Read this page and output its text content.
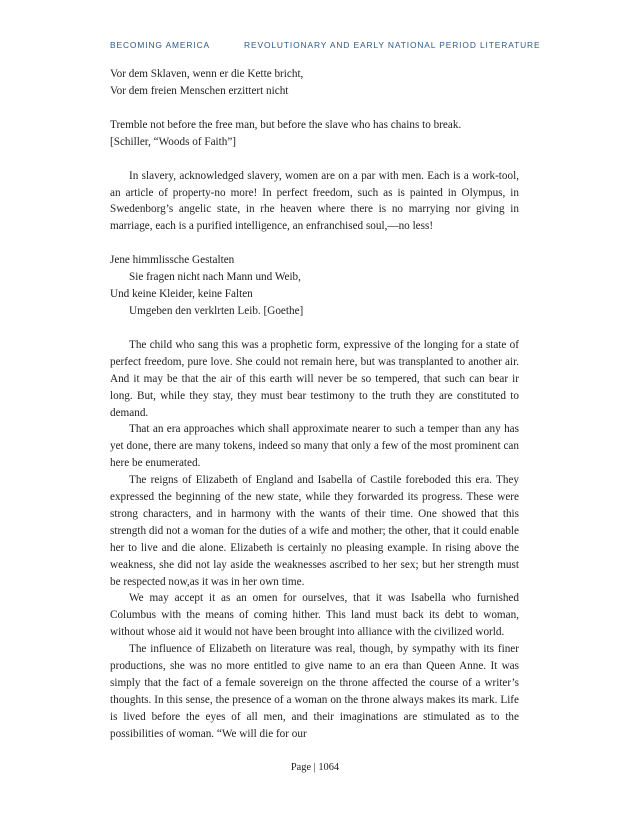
BECOMING AMERICA	REVOLUTIONARY AND EARLY NATIONAL PERIOD LITERATURE

Vor dem Sklaven, wenn er die Kette bricht,

Vor dem freien Menschen erzittert nicht

Tremble not before the free man, but before the slave who has chains to break.

[Schiller, “Woods of Faith”]

In slavery, acknowledged slavery, women are on a par with men. Each is a work-tool, an article of property-no more! In perfect freedom, such as is painted in Olympus, in Swedenborg’s angelic state, in rhe heaven where there is no marrying nor giving in marriage, each is a purified intelligence, an enfranchised soul,—no less!

Jene himmlissche Gestalten

Sie fragen nicht nach Mann und Weib,

Und keine Kleider, keine Falten

Umgeben den verklrten Leib. [Goethe]

The child who sang this was a prophetic form, expressive of the longing for a state of perfect freedom, pure love. She could not remain here, but was transplanted to another air. And it may be that the air of this earth will never be so tempered, that such can bear ir long. But, while they stay, they must bear testimony to the truth they are constituted to demand.

That an era approaches which shall approximate nearer to such a temper than any has yet done, there are many tokens, indeed so many that only a few of the most prominent can here be enumerated.

The reigns of Elizabeth of England and Isabella of Castile foreboded this era. They expressed the beginning of the new state, while they forwarded its progress. These were strong characters, and in harmony with the wants of their time. One showed that this strength did not a woman for the duties of a wife and mother; the other, that it could enable her to live and die alone. Elizabeth is certainly no pleasing example. In rising above the weakness, she did not lay aside the weaknesses ascribed to her sex; but her strength must be respected now,as it was in her own time.

We may accept it as an omen for ourselves, that it was Isabella who furnished Columbus with the means of coming hither. This land must back its debt to woman, without whose aid it would not have been brought into alliance with the civilized world.

The influence of Elizabeth on literature was real, though, by sympathy with its finer productions, she was no more entitled to give name to an era than Queen Anne. It was simply that the fact of a female sovereign on the throne affected the course of a writer’s thoughts. In this sense, the presence of a woman on the throne always makes its mark. Life is lived before the eyes of all men, and their imaginations are stimulated as to the possibilities of woman. “We will die for our

Page | 1064
